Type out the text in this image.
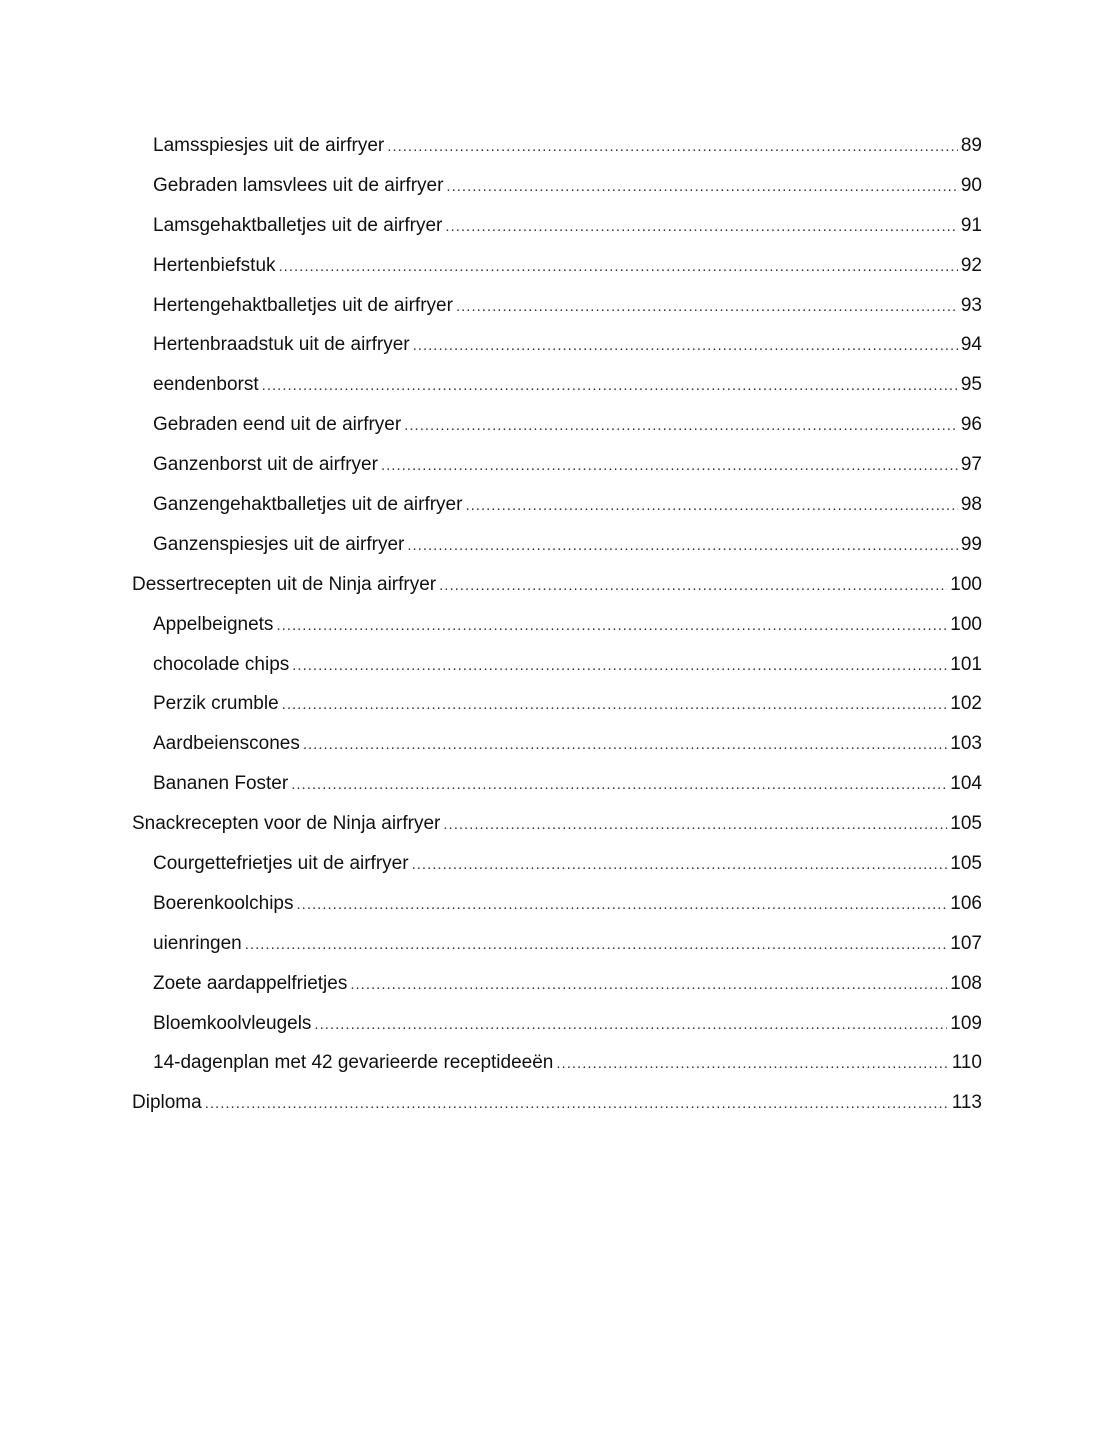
Lamsspiesjes uit de airfryer .....	89
Gebraden lamsvlees uit de airfryer .....	90
Lamsgehaktballetjes uit de airfryer .....	91
Hertenbiefstuk .....	92
Hertengehaktballetjes uit de airfryer .....	93
Hertenbraadstuk uit de airfryer .....	94
eendenborst .....	95
Gebraden eend uit de airfryer .....	96
Ganzenborst uit de airfryer .....	97
Ganzengehaktballetjes uit de airfryer .....	98
Ganzenspiesjes uit de airfryer .....	99
Dessertrecepten uit de Ninja airfryer .....	100
Appelbeignets .....	100
chocolade chips .....	101
Perzik crumble .....	102
Aardbeienscones .....	103
Bananen Foster .....	104
Snackrecepten voor de Ninja airfryer .....	105
Courgettefrietjes uit de airfryer .....	105
Boerenkoolchips .....	106
uienringen .....	107
Zoete aardappelfrietjes .....	108
Bloemkoolvleugels .....	109
14-dagenplan met 42 gevarieerde receptideeën .....	110
Diploma .....	113
